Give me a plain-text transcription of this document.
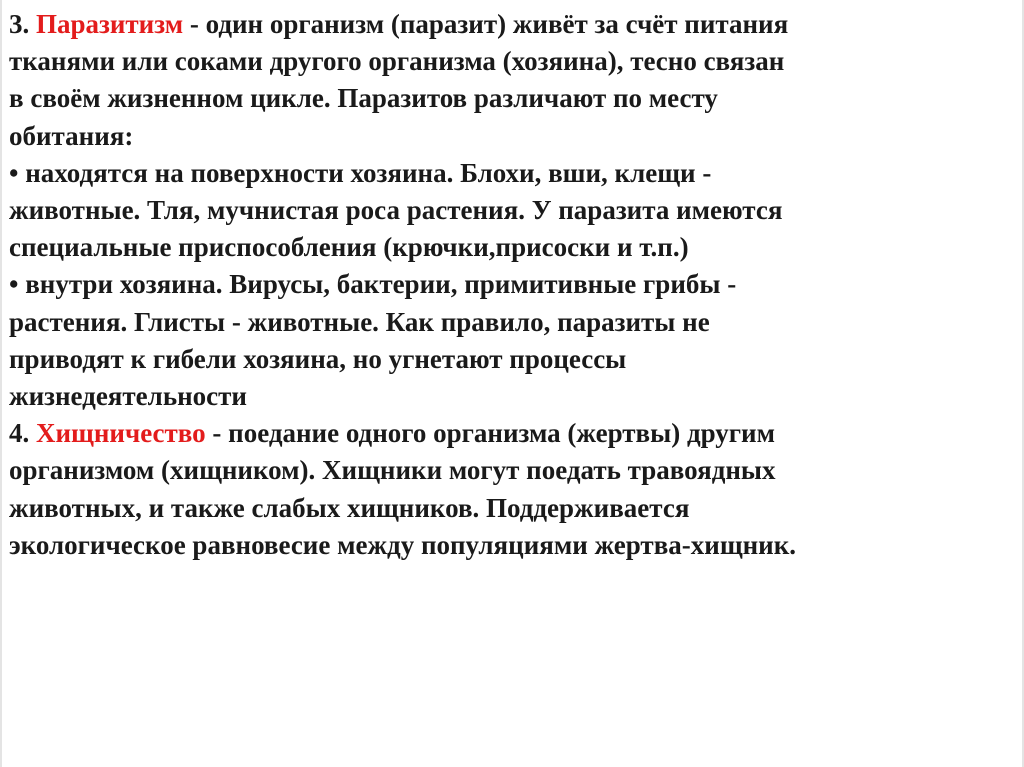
3. Паразитизм - один организм (паразит) живёт за счёт питания
тканями или соками другого организма (хозяина), тесно связан
в своём жизненном цикле. Паразитов различают по месту
обитания:
• находятся на поверхности хозяина. Блохи, вши, клещи -
животные. Тля, мучнистая роса растения. У паразита имеются
специальные приспособления (крючки,присоски и т.п.)
• внутри хозяина. Вирусы, бактерии, примитивные грибы -
растения. Глисты - животные. Как правило, паразиты не
приводят к гибели хозяина, но угнетают процессы
жизнедеятельности
4. Хищничество - поедание одного организма (жертвы) другим
организмом (хищником). Хищники могут поедать травоядных
животных, и также слабых хищников. Поддерживается
экологическое равновесие между популяциями жертва-хищник.
